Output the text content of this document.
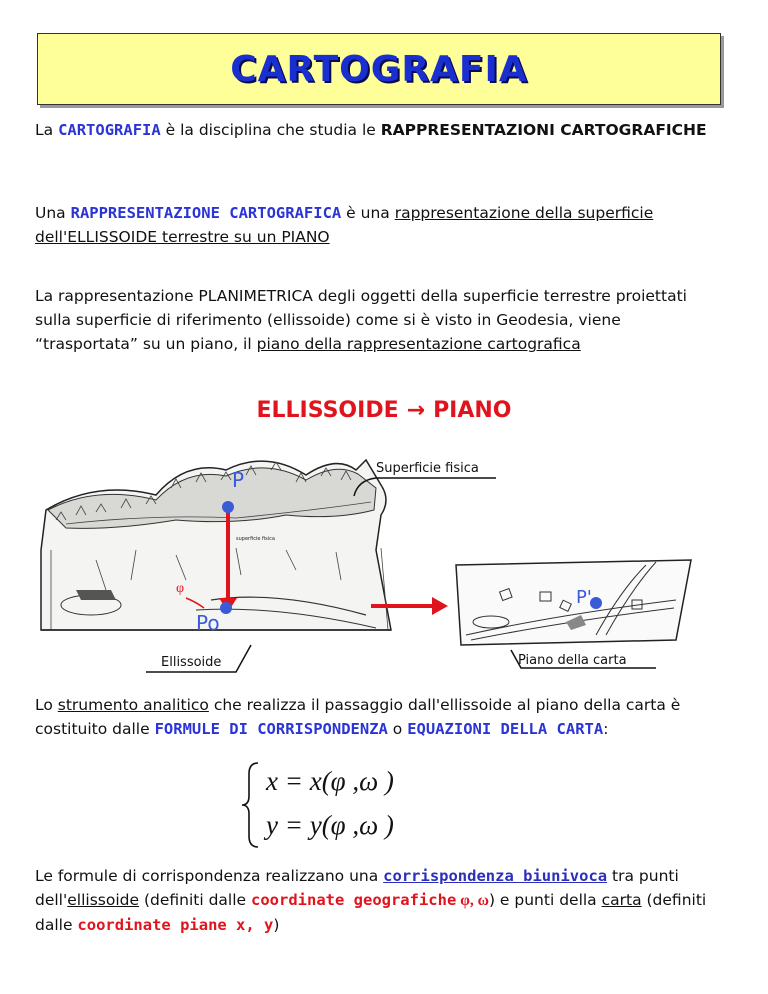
CARTOGRAFIA

La CARTOGRAFIA è la disciplina che studia le RAPPRESENTAZIONI CARTOGRAFICHE

Una RAPPRESENTAZIONE CARTOGRAFICA è una rappresentazione della superficie dell'ELLISSOIDE terrestre su un PIANO

La rappresentazione PLANIMETRICA degli oggetti della superficie terrestre proiettati sulla superficie di riferimento (ellissoide) come si è visto in Geodesia, viene “trasportata” su un piano, il piano della rappresentazione cartografica

ELLISSOIDE → PIANO
P
Po
φ
superficie fisica
Superficie fisica
Ellissoide
P'
Piano della carta

Lo strumento analitico che realizza il passaggio dall'ellissoide al piano della carta è costituito dalle FORMULE DI CORRISPONDENZA o EQUAZIONI DELLA CARTA:

x = x(φ ,ω )
y = y(φ ,ω )

Le formule di corrispondenza realizzano una corrispondenza biunivoca tra punti dell'ellissoide (definiti dalle coordinate geografiche φ, ω) e punti della carta (definiti dalle coordinate piane x, y)
